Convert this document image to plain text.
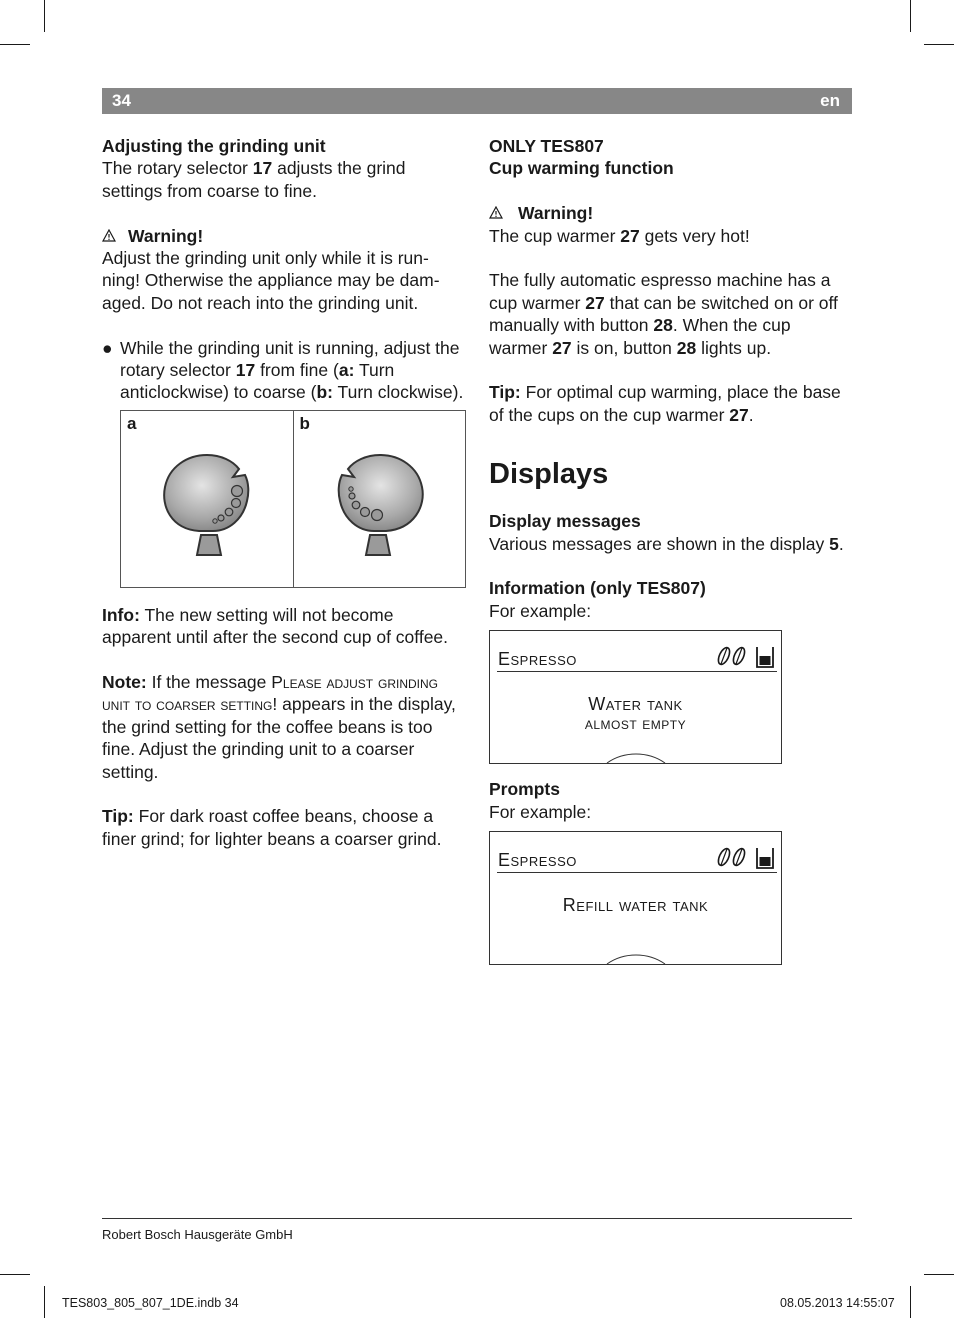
34	en

Adjusting the grinding unit

The rotary selector 17 adjusts the grind settings from coarse to fine.

Warning!

Adjust the grinding unit only while it is run-ning! Otherwise the appliance may be dam-aged. Do not reach into the grinding unit.

● While the grinding unit is running, adjust the rotary selector 17 from fine (a: Turn anticlockwise) to coarse (b: Turn clockwise).
a	b

Info: The new setting will not become apparent until after the second cup of coffee.

Note: If the message Please adjust grinding unit to coarser setting! appears in the display, the grind setting for the coffee beans is too fine. Adjust the grinding unit to a coarser setting.

Tip: For dark roast coffee beans, choose a finer grind; for lighter beans a coarser grind.

ONLY TES807

Cup warming function

Warning!

The cup warmer 27 gets very hot!

The fully automatic espresso machine has a cup warmer 27 that can be switched on or off manually with button 28. When the cup warmer 27 is on, button 28 lights up.

Tip: For optimal cup warming, place the base of the cups on the cup warmer 27.

Displays

Display messages

Various messages are shown in the display 5.

Information (only TES807)

For example:

Espresso
Water tank
almost empty

Prompts

For example:

Espresso
Refill water tank
Robert Bosch Hausgeräte GmbH
TES803_805_807_1DE.indb 34	08.05.2013 14:55:07
